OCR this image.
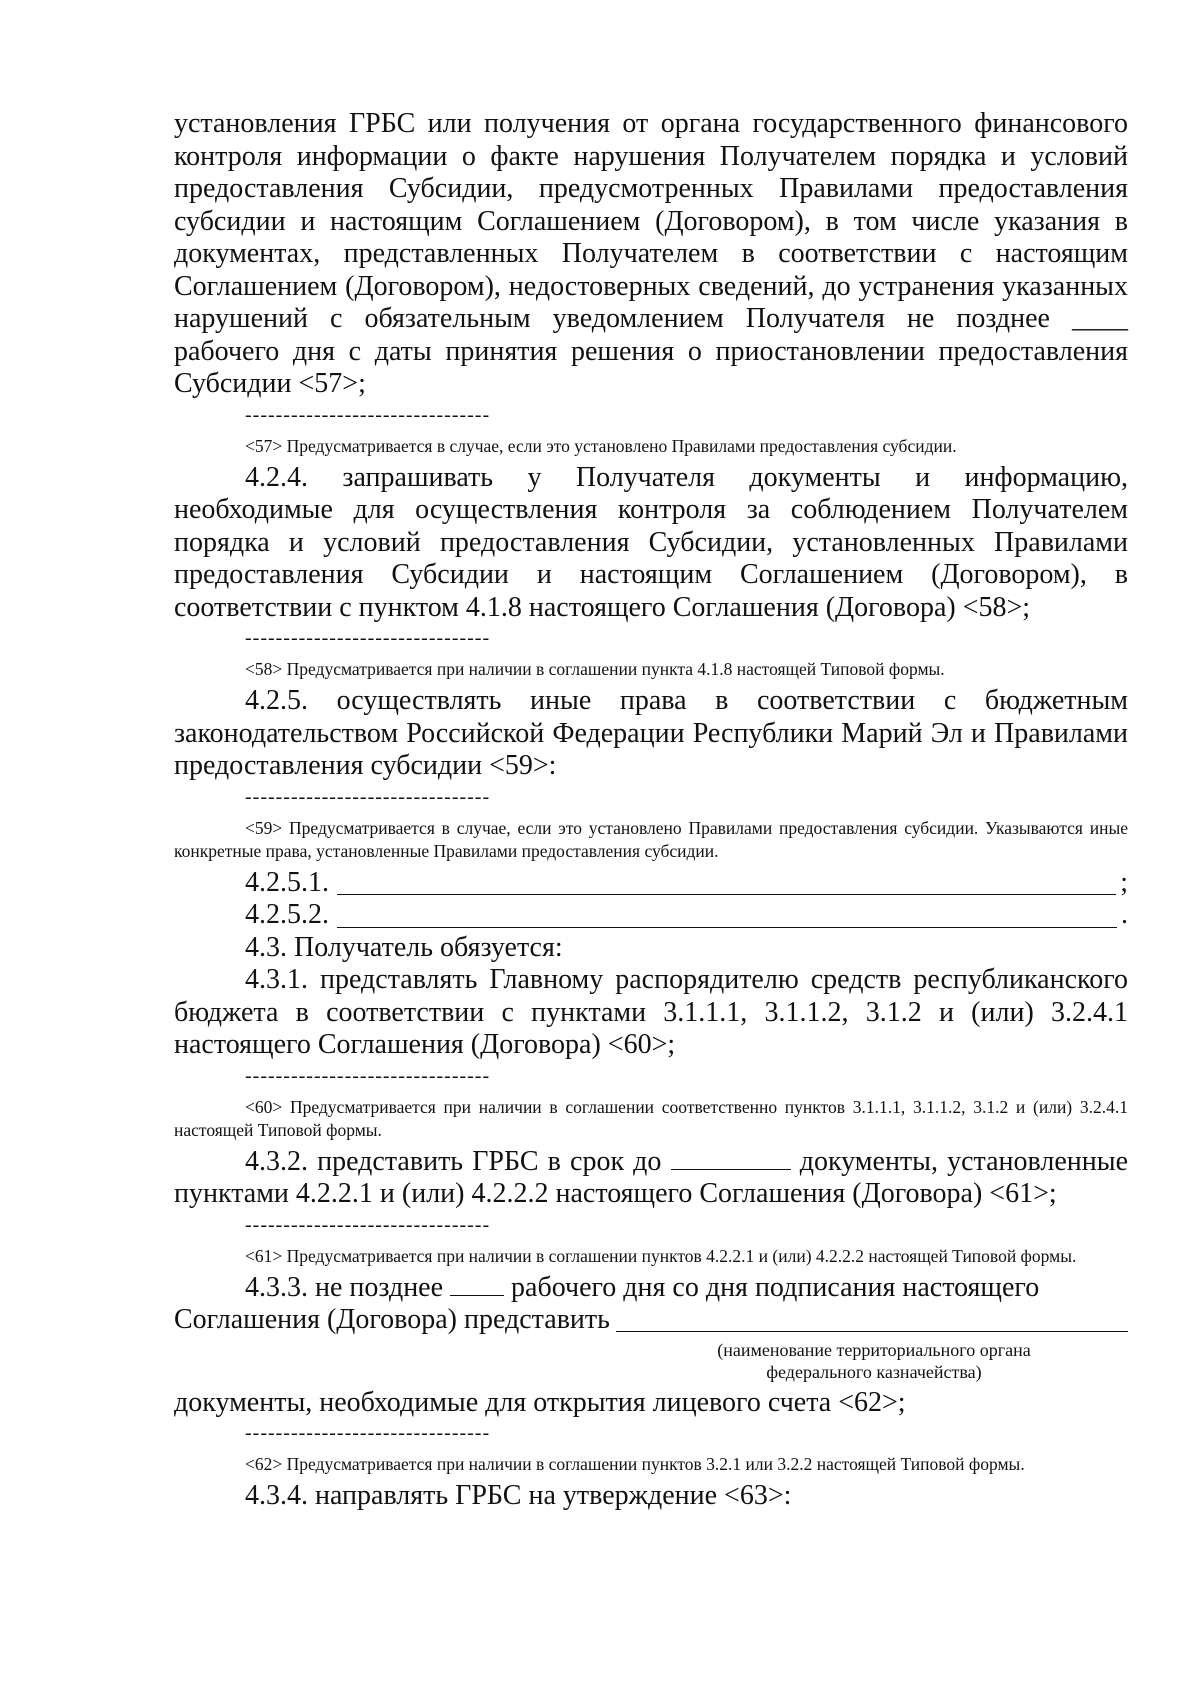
установления ГРБС или получения от органа государственного финансового контроля информации о факте нарушения Получателем порядка и условий предоставления Субсидии, предусмотренных Правилами предоставления субсидии и настоящим Соглашением (Договором), в том числе указания в документах, представленных Получателем в соответствии с настоящим Соглашением (Договором), недостоверных сведений, до устранения указанных нарушений с обязательным уведомлением Получателя не позднее ____ рабочего дня с даты принятия решения о приостановлении предоставления Субсидии <57>;

--------------------------------

<57> Предусматривается в случае, если это установлено Правилами предоставления субсидии.

4.2.4. запрашивать у Получателя документы и информацию, необходимые для осуществления контроля за соблюдением Получателем порядка и условий предоставления Субсидии, установленных Правилами предоставления Субсидии и настоящим Соглашением (Договором), в соответствии с пунктом 4.1.8 настоящего Соглашения (Договора) <58>;

--------------------------------

<58> Предусматривается при наличии в соглашении пункта 4.1.8 настоящей Типовой формы.

4.2.5. осуществлять иные права в соответствии с бюджетным законодательством Российской Федерации Республики Марий Эл и Правилами предоставления субсидии <59>:

--------------------------------

<59> Предусматривается в случае, если это установлено Правилами предоставления субсидии. Указываются иные конкретные права, установленные Правилами предоставления субсидии.

4.2.5.1.	;
4.2.5.2.	.

4.3. Получатель обязуется:

4.3.1. представлять Главному распорядителю средств республиканского бюджета в соответствии с пунктами 3.1.1.1, 3.1.1.2, 3.1.2 и (или) 3.2.4.1 настоящего Соглашения (Договора) <60>;

--------------------------------

<60> Предусматривается при наличии в соглашении соответственно пунктов 3.1.1.1, 3.1.1.2, 3.1.2 и (или) 3.2.4.1 настоящей Типовой формы.

4.3.2. представить ГРБС в срок до	документы, установленные пунктами 4.2.2.1 и (или) 4.2.2.2 настоящего Соглашения (Договора) <61>;

--------------------------------

<61> Предусматривается при наличии в соглашении пунктов 4.2.2.1 и (или) 4.2.2.2 настоящей Типовой формы.

4.3.3. не позднее рабочего дня со дня подписания настоящего

Соглашения (Договора) представить
(наименование территориального органа
федерального казначейства)

документы, необходимые для открытия лицевого счета <62>;

--------------------------------

<62> Предусматривается при наличии в соглашении пунктов 3.2.1 или 3.2.2 настоящей Типовой формы.

4.3.4. направлять ГРБС на утверждение <63>:
